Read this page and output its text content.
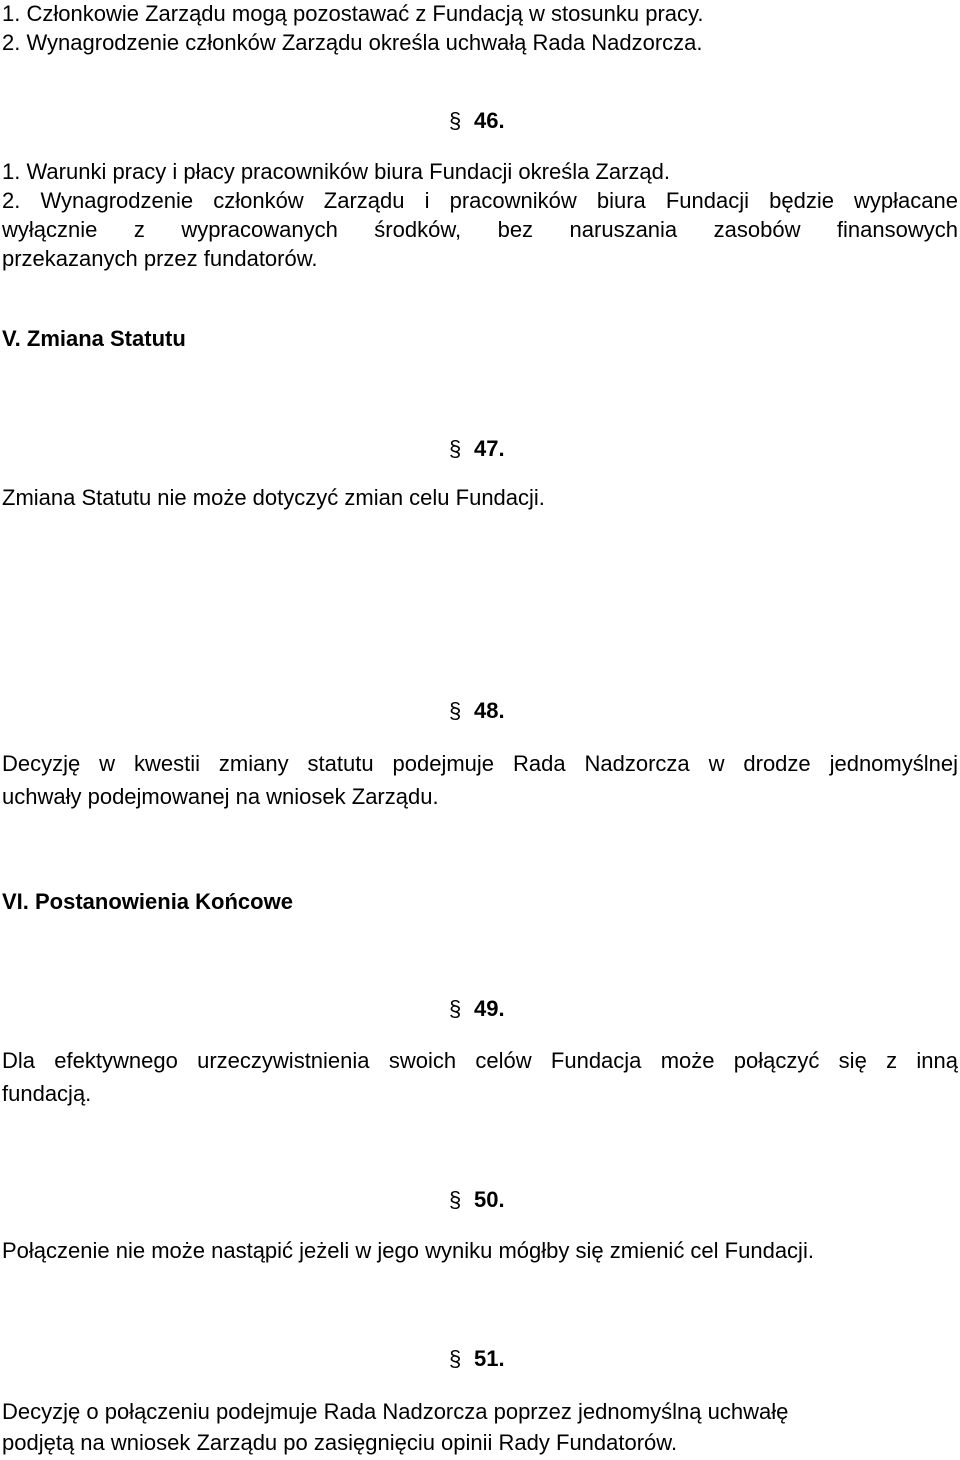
1. Członkowie Zarządu mogą pozostawać z Fundacją w stosunku pracy.
2. Wynagrodzenie członków Zarządu określa uchwałą Rada Nadzorcza.
§ 46.
1. Warunki pracy i płacy pracowników biura Fundacji określa Zarząd.
2. Wynagrodzenie członków Zarządu i pracowników biura Fundacji będzie wypłacane
wyłącznie z wypracowanych środków, bez naruszania zasobów finansowych
przekazanych przez fundatorów.
V. Zmiana Statutu
§ 47.
Zmiana Statutu nie może dotyczyć zmian celu Fundacji.
§ 48.
Decyzję w kwestii zmiany statutu podejmuje Rada Nadzorcza w drodze jednomyślnej
uchwały podejmowanej na wniosek Zarządu.
VI. Postanowienia Końcowe
§ 49.
Dla efektywnego urzeczywistnienia swoich celów Fundacja może połączyć się z inną
fundacją.
§ 50.
Połączenie nie może nastąpić jeżeli w jego wyniku mógłby się zmienić cel Fundacji.
§ 51.
Decyzję o połączeniu podejmuje Rada Nadzorcza poprzez jednomyślną uchwałę
podjętą na wniosek Zarządu po zasięgnięciu opinii Rady Fundatorów.
